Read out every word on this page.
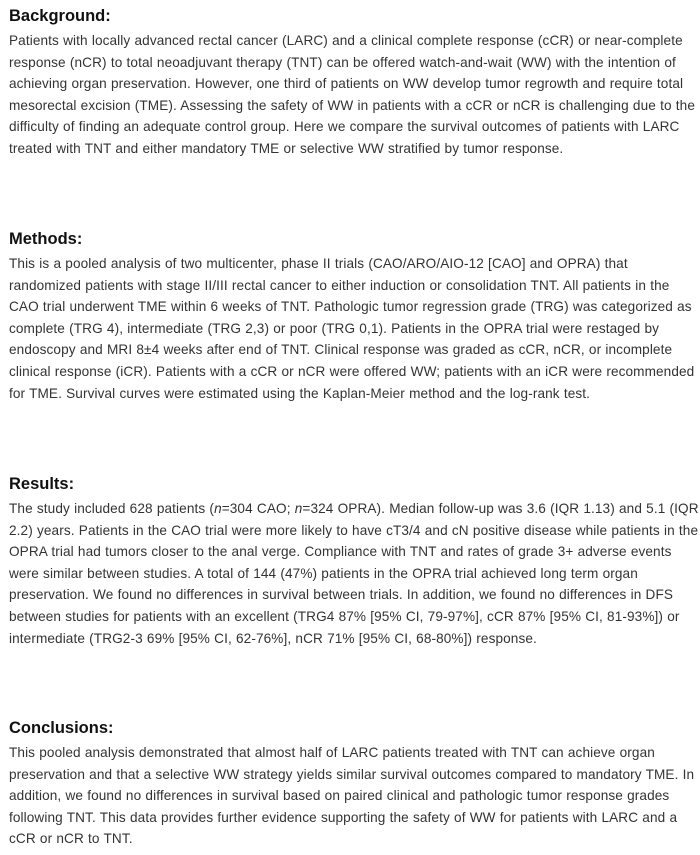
Background:

Patients with locally advanced rectal cancer (LARC) and a clinical complete response (cCR) or near-complete response (nCR) to total neoadjuvant therapy (TNT) can be offered watch-and-wait (WW) with the intention of achieving organ preservation. However, one third of patients on WW develop tumor regrowth and require total mesorectal excision (TME). Assessing the safety of WW in patients with a cCR or nCR is challenging due to the difficulty of finding an adequate control group. Here we compare the survival outcomes of patients with LARC treated with TNT and either mandatory TME or selective WW stratified by tumor response.

Methods:

This is a pooled analysis of two multicenter, phase II trials (CAO/ARO/AIO-12 [CAO] and OPRA) that randomized patients with stage II/III rectal cancer to either induction or consolidation TNT. All patients in the CAO trial underwent TME within 6 weeks of TNT. Pathologic tumor regression grade (TRG) was categorized as complete (TRG 4), intermediate (TRG 2,3) or poor (TRG 0,1). Patients in the OPRA trial were restaged by endoscopy and MRI 8±4 weeks after end of TNT. Clinical response was graded as cCR, nCR, or incomplete clinical response (iCR). Patients with a cCR or nCR were offered WW; patients with an iCR were recommended for TME. Survival curves were estimated using the Kaplan-Meier method and the log-rank test.

Results:

The study included 628 patients (n=304 CAO; n=324 OPRA). Median follow-up was 3.6 (IQR 1.13) and 5.1 (IQR 2.2) years. Patients in the CAO trial were more likely to have cT3/4 and cN positive disease while patients in the OPRA trial had tumors closer to the anal verge. Compliance with TNT and rates of grade 3+ adverse events were similar between studies. A total of 144 (47%) patients in the OPRA trial achieved long term organ preservation. We found no differences in survival between trials. In addition, we found no differences in DFS between studies for patients with an excellent (TRG4 87% [95% CI, 79-97%], cCR 87% [95% CI, 81-93%]) or intermediate (TRG2-3 69% [95% CI, 62-76%], nCR 71% [95% CI, 68-80%]) response.

Conclusions:

This pooled analysis demonstrated that almost half of LARC patients treated with TNT can achieve organ preservation and that a selective WW strategy yields similar survival outcomes compared to mandatory TME. In addition, we found no differences in survival based on paired clinical and pathologic tumor response grades following TNT. This data provides further evidence supporting the safety of WW for patients with LARC and a cCR or nCR to TNT.
